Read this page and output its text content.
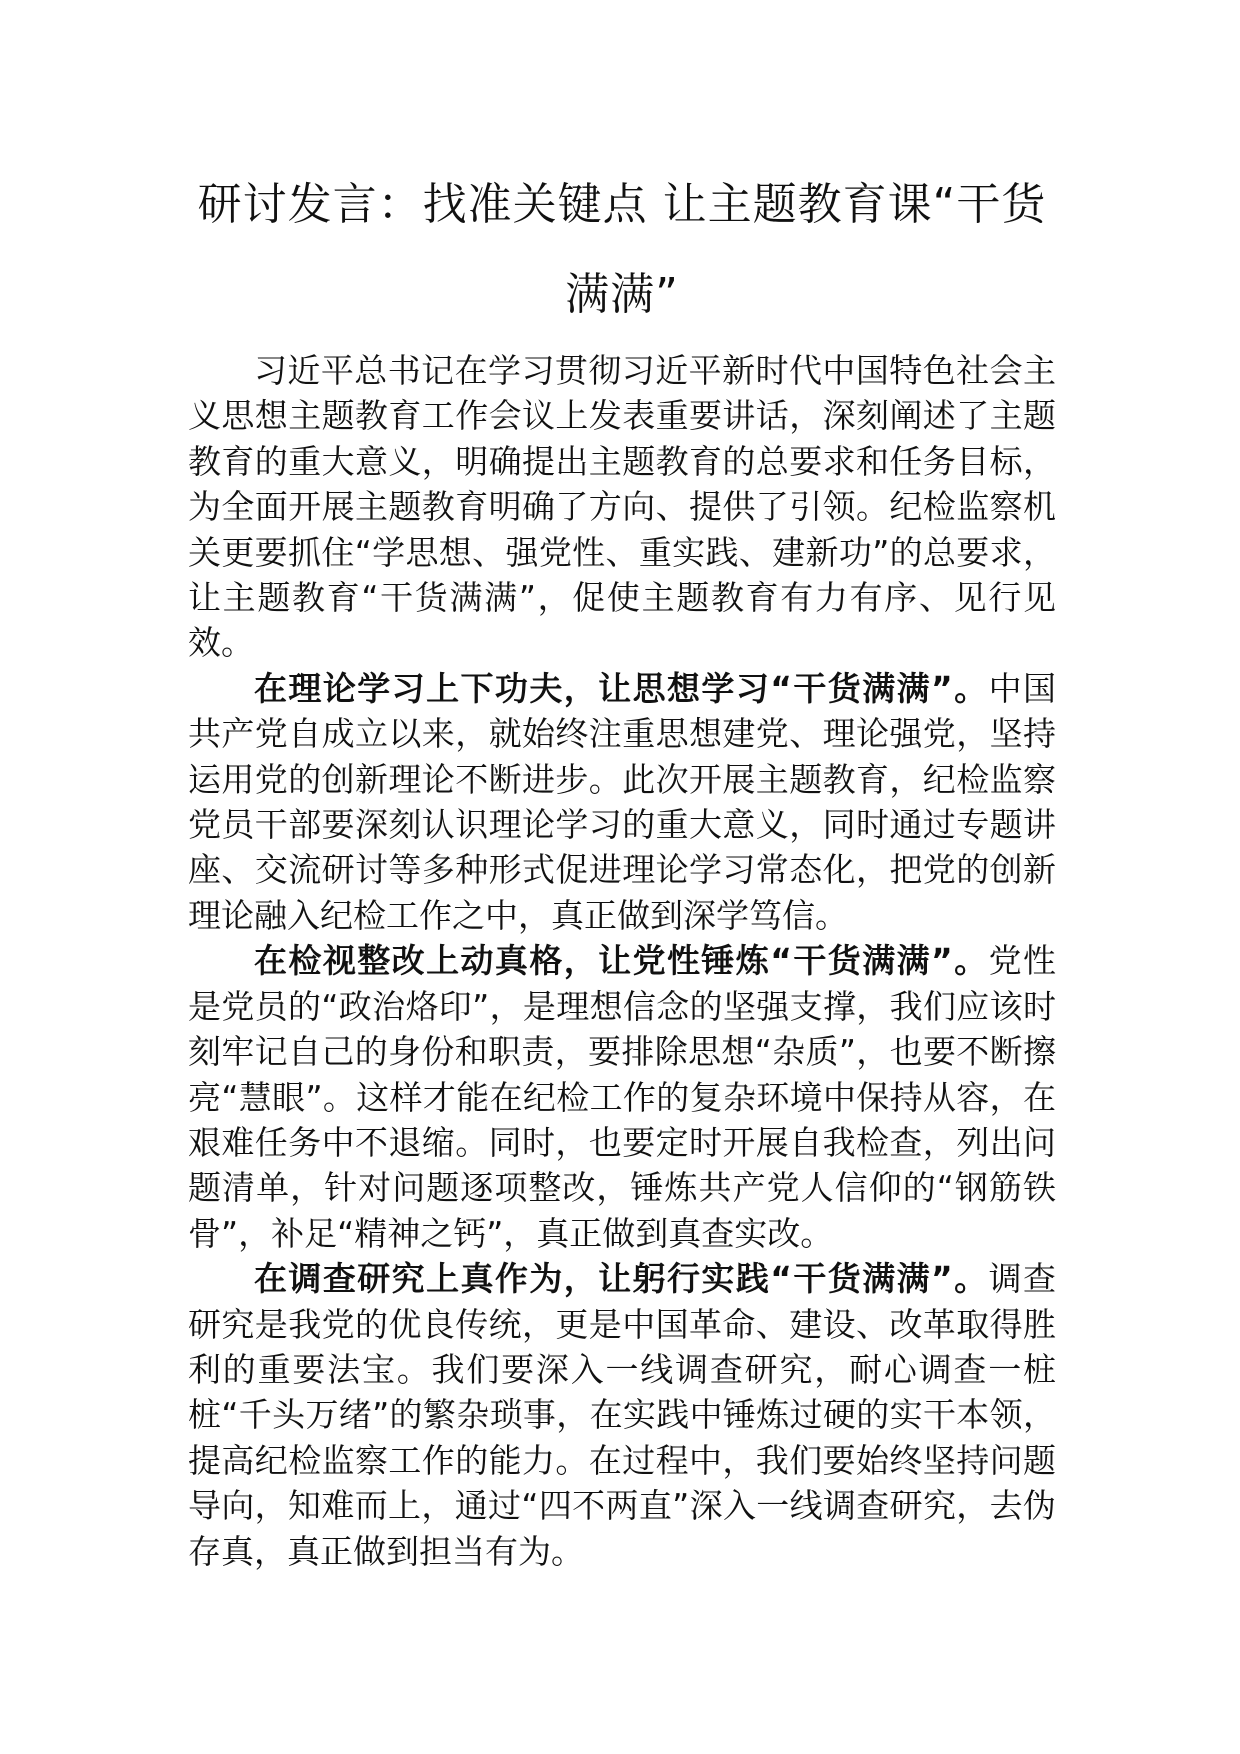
研讨发言：找准关键点 让主题教育课“干货满满”

习近平总书记在学习贯彻习近平新时代中国特色社会主义思想主题教育工作会议上发表重要讲话，深刻阐述了主题教育的重大意义，明确提出主题教育的总要求和任务目标，为全面开展主题教育明确了方向、提供了引领。纪检监察机关更要抓住“学思想、强党性、重实践、建新功”的总要求，让主题教育“干货满满”，促使主题教育有力有序、见行见效。

在理论学习上下功夫，让思想学习“干货满满”。中国共产党自成立以来，就始终注重思想建党、理论强党，坚持运用党的创新理论不断进步。此次开展主题教育，纪检监察党员干部要深刻认识理论学习的重大意义，同时通过专题讲座、交流研讨等多种形式促进理论学习常态化，把党的创新理论融入纪检工作之中，真正做到深学笃信。

在检视整改上动真格，让党性锤炼“干货满满”。党性是党员的“政治烙印”，是理想信念的坚强支撑，我们应该时刻牢记自己的身份和职责，要排除思想“杂质”，也要不断擦亮“慧眼”。这样才能在纪检工作的复杂环境中保持从容，在艰难任务中不退缩。同时，也要定时开展自我检查，列出问题清单，针对问题逐项整改，锤炼共产党人信仰的“钢筋铁骨”，补足“精神之钙”，真正做到真查实改。

在调查研究上真作为，让躬行实践“干货满满”。调查研究是我党的优良传统，更是中国革命、建设、改革取得胜利的重要法宝。我们要深入一线调查研究，耐心调查一桩桩“千头万绪”的繁杂琐事，在实践中锤炼过硬的实干本领，提高纪检监察工作的能力。在过程中，我们要始终坚持问题导向，知难而上，通过“四不两直”深入一线调查研究，去伪存真，真正做到担当有为。
